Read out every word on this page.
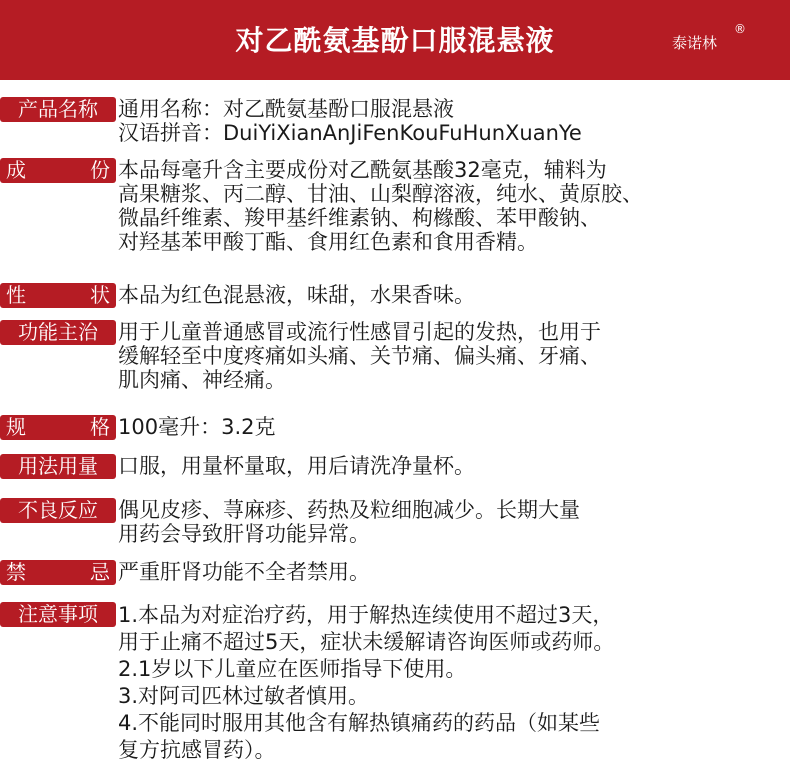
对乙酰氨基酚口服混悬液	泰诺林
®
产品名称 通用名称：对乙酰氨基酚口服混悬液
汉语拼音：DuiYiXianAnJiFenKouFuHunXuanYe
成	份 本品每毫升含主要成份对乙酰氨基酸32毫克，辅料为
高果糖浆、丙二醇、甘油、山梨醇溶液，纯水、黄原胶、
微晶纤维素、羧甲基纤维素钠、枸橼酸、苯甲酸钠、
对羟基苯甲酸丁酯、食用红色素和食用香精。
性	状 本品为红色混悬液，味甜，水果香味。
功能主治 用于儿童普通感冒或流行性感冒引起的发热，也用于
缓解轻至中度疼痛如头痛、关节痛、偏头痛、牙痛、
肌肉痛、神经痛。
规	格 100毫升：3.2克
用法用量 口服，用量杯量取，用后请洗净量杯。
不良反应 偶见皮疹、荨麻疹、药热及粒细胞减少。长期大量
用药会导致肝肾功能异常。
禁	忌 严重肝肾功能不全者禁用。
注意事项 1.本品为对症治疗药，用于解热连续使用不超过3天，
用于止痛不超过5天，症状未缓解请咨询医师或药师。
2.1岁以下儿童应在医师指导下使用。
3.对阿司匹林过敏者慎用。
4.不能同时服用其他含有解热镇痛药的药品（如某些
复方抗感冒药）。
